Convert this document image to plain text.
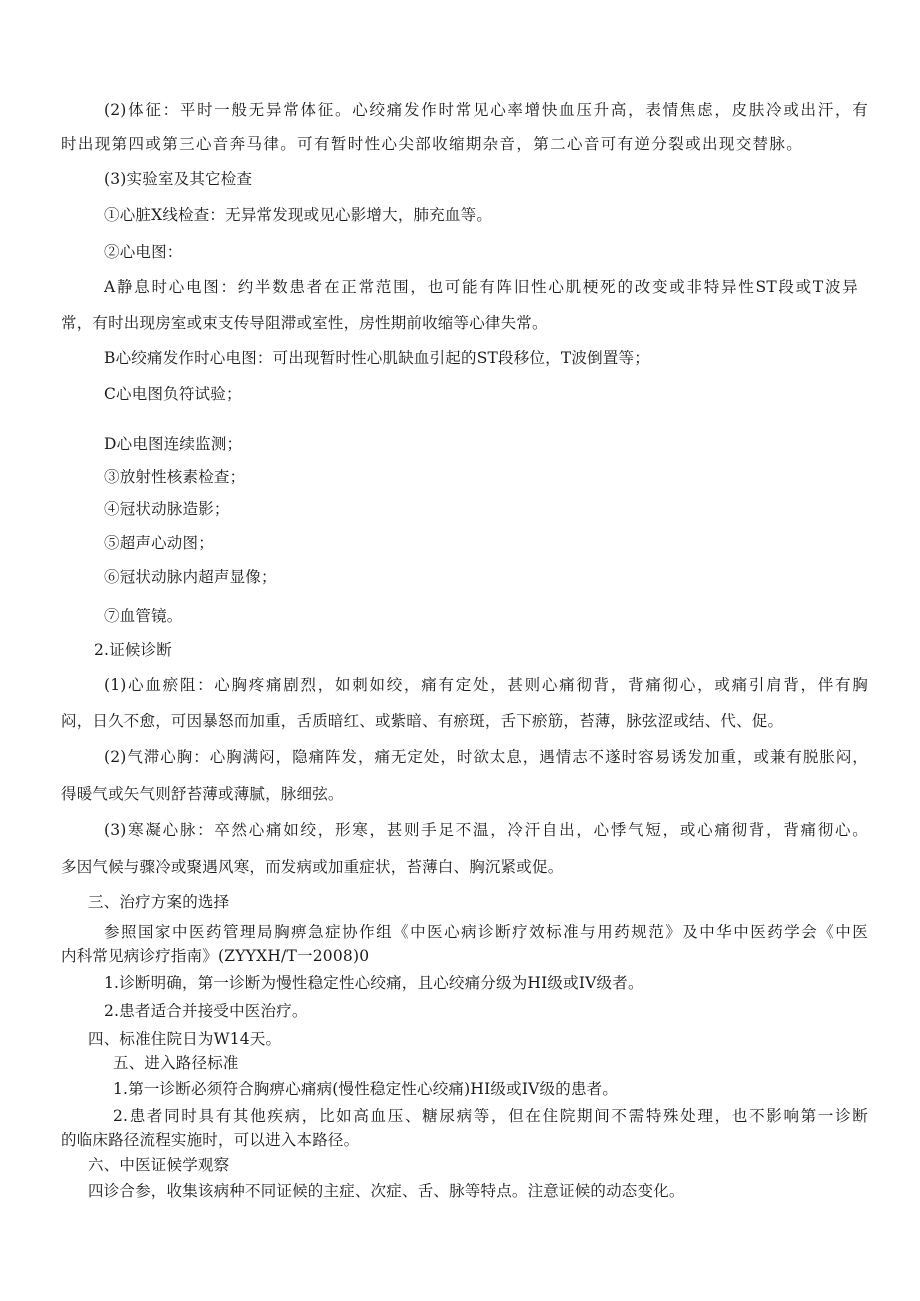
(2)体征：平时一般无异常体征。心绞痛发作时常见心率增快血压升高，表情焦虑，皮肤冷或出汗，有
时出现第四或第三心音奔马律。可有暂时性心尖部收缩期杂音，第二心音可有逆分裂或出现交替脉。
(3)实验室及其它检查
①心脏X线检查：无异常发现或见心影增大，肺充血等。
②心电图：
A静息时心电图：约半数患者在正常范围，也可能有阵旧性心肌梗死的改变或非特异性ST段或T波异
常，有时出现房室或束支传导阻滞或室性，房性期前收缩等心律失常。
B心绞痛发作时心电图：可出现暂时性心肌缺血引起的ST段移位，T波倒置等；
C心电图负符试验；
D心电图连续监测；
③放射性核素检查；
④冠状动脉造影；
⑤超声心动图；
⑥冠状动脉内超声显像；
⑦血管镜。
2.证候诊断
(1)心血瘀阻：心胸疼痛剧烈，如刺如绞，痛有定处，甚则心痛彻背，背痛彻心，或痛引肩背，伴有胸
闷，日久不愈，可因暴怒而加重，舌质暗红、或紫暗、有瘀斑，舌下瘀筋，苔薄，脉弦涩或结、代、促。
(2)气滞心胸：心胸满闷，隐痛阵发，痛无定处，时欲太息，遇情志不遂时容易诱发加重，或兼有脱胀闷，
得暖气或矢气则舒苔薄或薄腻，脉细弦。
(3)寒凝心脉：卒然心痛如绞，形寒，甚则手足不温，冷汗自出，心悸气短，或心痛彻背，背痛彻心。
多因气候与骤冷或聚遇风寒，而发病或加重症状，苔薄白、胸沉紧或促。
三、治疗方案的选择
参照国家中医药管理局胸痹急症协作组《中医心病诊断疗效标准与用药规范》及中华中医药学会《中医
内科常见病诊疗指南》(ZYYXH/T一2008)0
1.诊断明确，第一诊断为慢性稳定性心绞痛，且心绞痛分级为HI级或IV级者。
2.患者适合并接受中医治疗。
四、标准住院日为W14天。
五、进入路径标准
1.第一诊断必须符合胸痹心痛病(慢性稳定性心绞痛)HI级或IV级的患者。
2.患者同时具有其他疾病，比如高血压、糖尿病等，但在住院期间不需特殊处理，也不影响第一诊断
的临床路径流程实施时，可以进入本路径。
六、中医证候学观察
四诊合参，收集该病种不同证候的主症、次症、舌、脉等特点。注意证候的动态变化。
